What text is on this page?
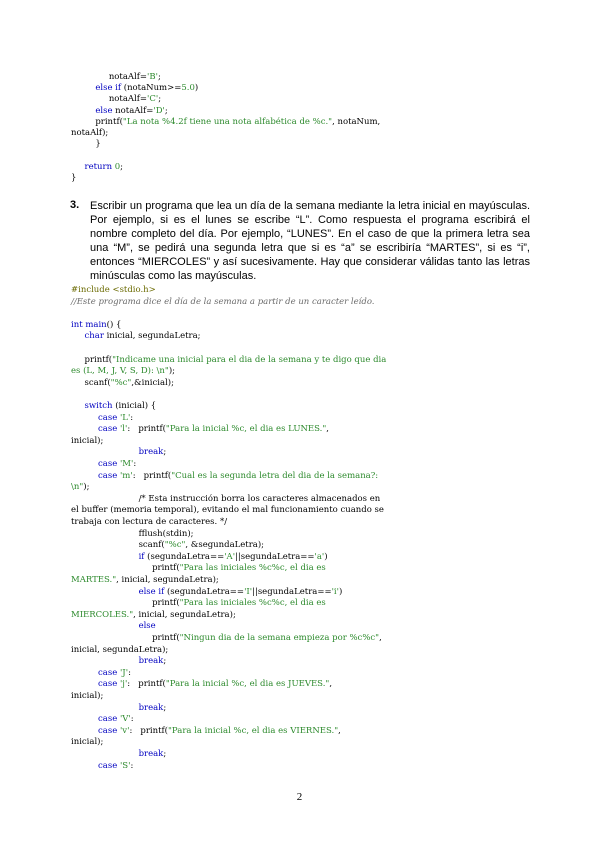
notaAlf='B';
else if (notaNum>=5.0)
notaAlf='C';
else notaAlf='D';
printf("La nota %4.2f tiene una nota alfabética de %c.", notaNum,
notaAlf);
}
return 0;
}
3. Escribir un programa que lea un día de la semana mediante la letra inicial en mayúsculas. Por ejemplo, si es el lunes se escribe “L”. Como respuesta el programa escribirá el nombre completo del día. Por ejemplo, “LUNES”. En el caso de que la primera letra sea una “M”, se pedirá una segunda letra que si es “a” se escribiría “MARTES”, si es “i”, entonces “MIERCOLES” y así sucesivamente. Hay que considerar válidas tanto las letras minúsculas como las mayúsculas.
#include <stdio.h>
//Este programa dice el día de la semana a partir de un caracter leído.
int main() {
char inicial, segundaLetra;
printf("Indicame una inicial para el dia de la semana y te digo que dia
es (L, M, J, V, S, D): \n");
scanf("%c",&inicial);
switch (inicial) {
case 'L':
case 'l':   printf("Para la inicial %c, el dia es LUNES.",
inicial);
break;
case 'M':
case 'm':   printf("Cual es la segunda letra del dia de la semana?:
\n");
/* Esta instrucción borra los caracteres almacenados en
el buffer (memoria temporal), evitando el mal funcionamiento cuando se
trabaja con lectura de caracteres. */
fflush(stdin);
scanf("%c", &segundaLetra);
if (segundaLetra=='A'||segundaLetra=='a')
printf("Para las iniciales %c%c, el dia es
MARTES.", inicial, segundaLetra);
else if (segundaLetra=='I'||segundaLetra=='i')
printf("Para las iniciales %c%c, el dia es
MIERCOLES.", inicial, segundaLetra);
else
printf("Ningun dia de la semana empieza por %c%c",
inicial, segundaLetra);
break;
case 'J':
case 'j':   printf("Para la inicial %c, el dia es JUEVES.",
inicial);
break;
case 'V':
case 'v':   printf("Para la inicial %c, el dia es VIERNES.",
inicial);
break;
case 'S':
2
